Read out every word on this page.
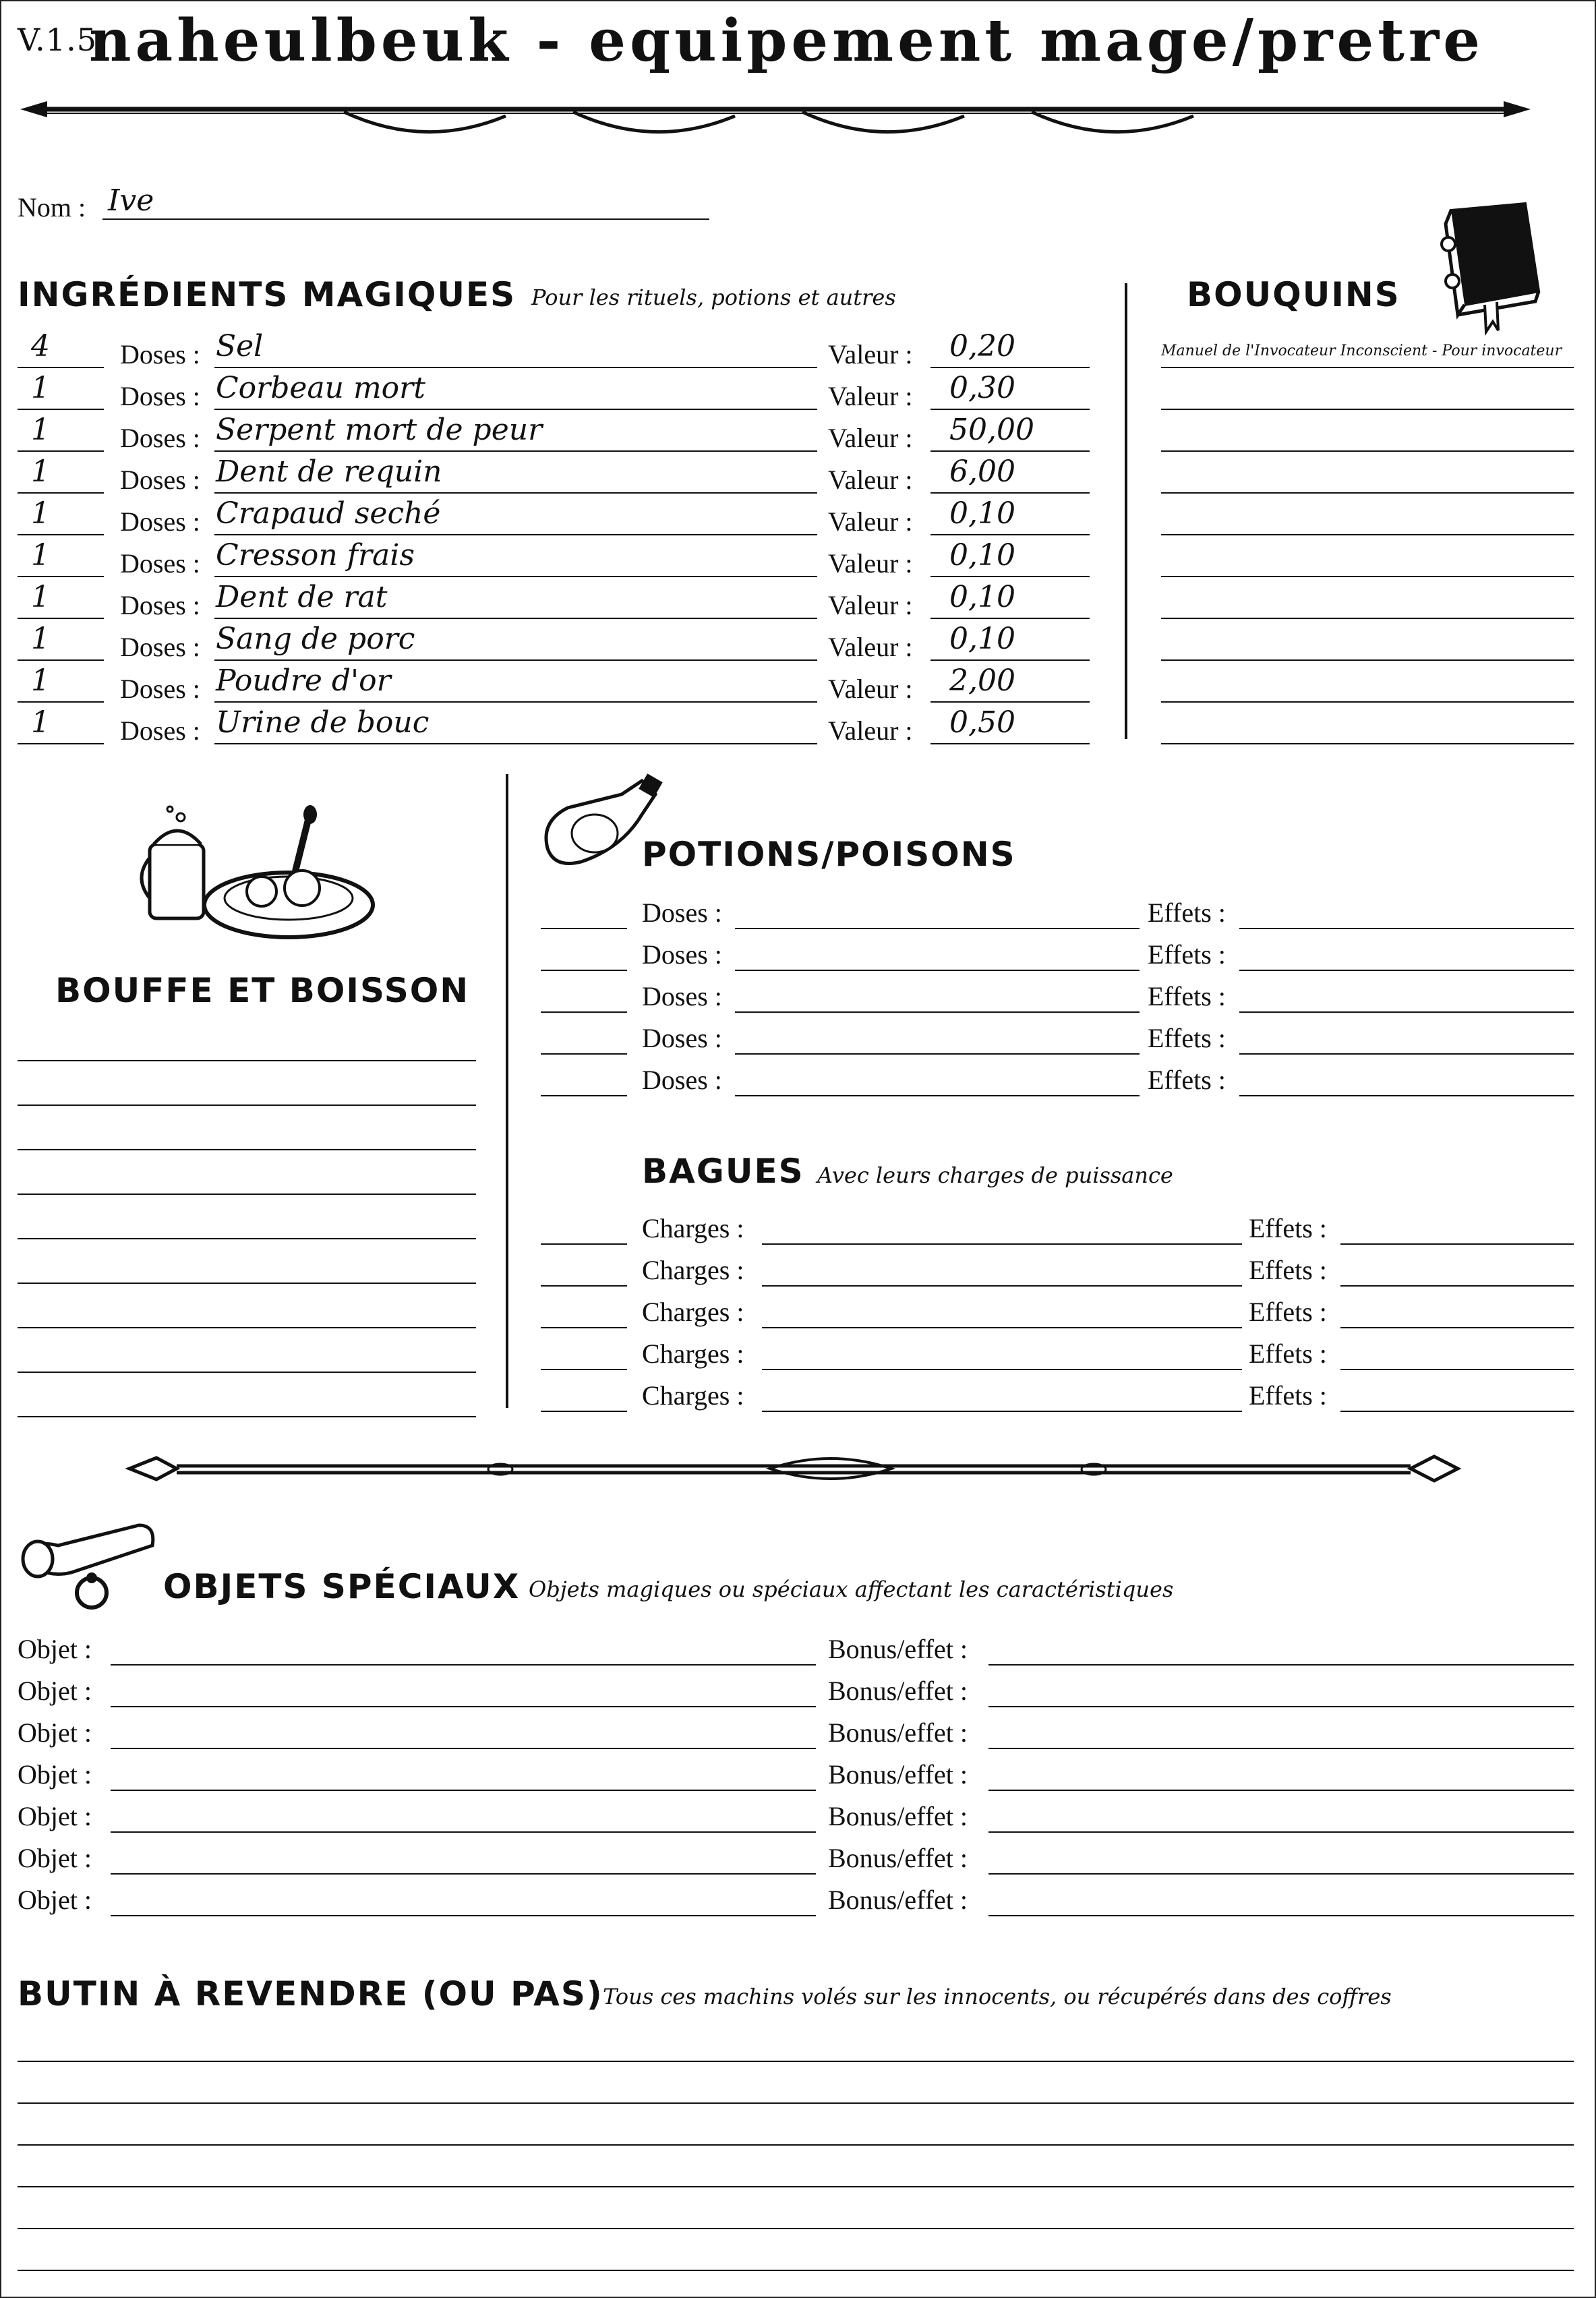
V.1.5
naheulbeuk - equipement mage/pretre
Nom : Ive
INGRÉDIENTS MAGIQUES Pour les rituels, potions et autres
4	Doses : Sel	Valeur : 0,20
1	Doses : Corbeau mort	Valeur : 0,30
1	Doses : Serpent mort de peur	Valeur : 50,00
1	Doses : Dent de requin	Valeur : 6,00
1	Doses : Crapaud seché	Valeur : 0,10
1	Doses : Cresson frais	Valeur : 0,10
1	Doses : Dent de rat	Valeur : 0,10
1	Doses : Sang de porc	Valeur : 0,10
1	Doses : Poudre d'or	Valeur : 2,00
1	Doses : Urine de bouc	Valeur : 0,50
BOUQUINS
Manuel de l'Invocateur Inconscient - Pour invocateur
BOUFFE ET BOISSON
POTIONS/POISONS
Doses :	Effets :
Doses :	Effets :
Doses :	Effets :
Doses :	Effets :
Doses :	Effets :
BAGUES Avec leurs charges de puissance
Charges :	Effets :
Charges :	Effets :
Charges :	Effets :
Charges :	Effets :
Charges :	Effets :
OBJETS SPÉCIAUX Objets magiques ou spéciaux affectant les caractéristiques
Objet :	Bonus/effet :
Objet :	Bonus/effet :
Objet :	Bonus/effet :
Objet :	Bonus/effet :
Objet :	Bonus/effet :
Objet :	Bonus/effet :
Objet :	Bonus/effet :
BUTIN À REVENDRE (OU PAS) Tous ces machins volés sur les innocents, ou récupérés dans des coffres
